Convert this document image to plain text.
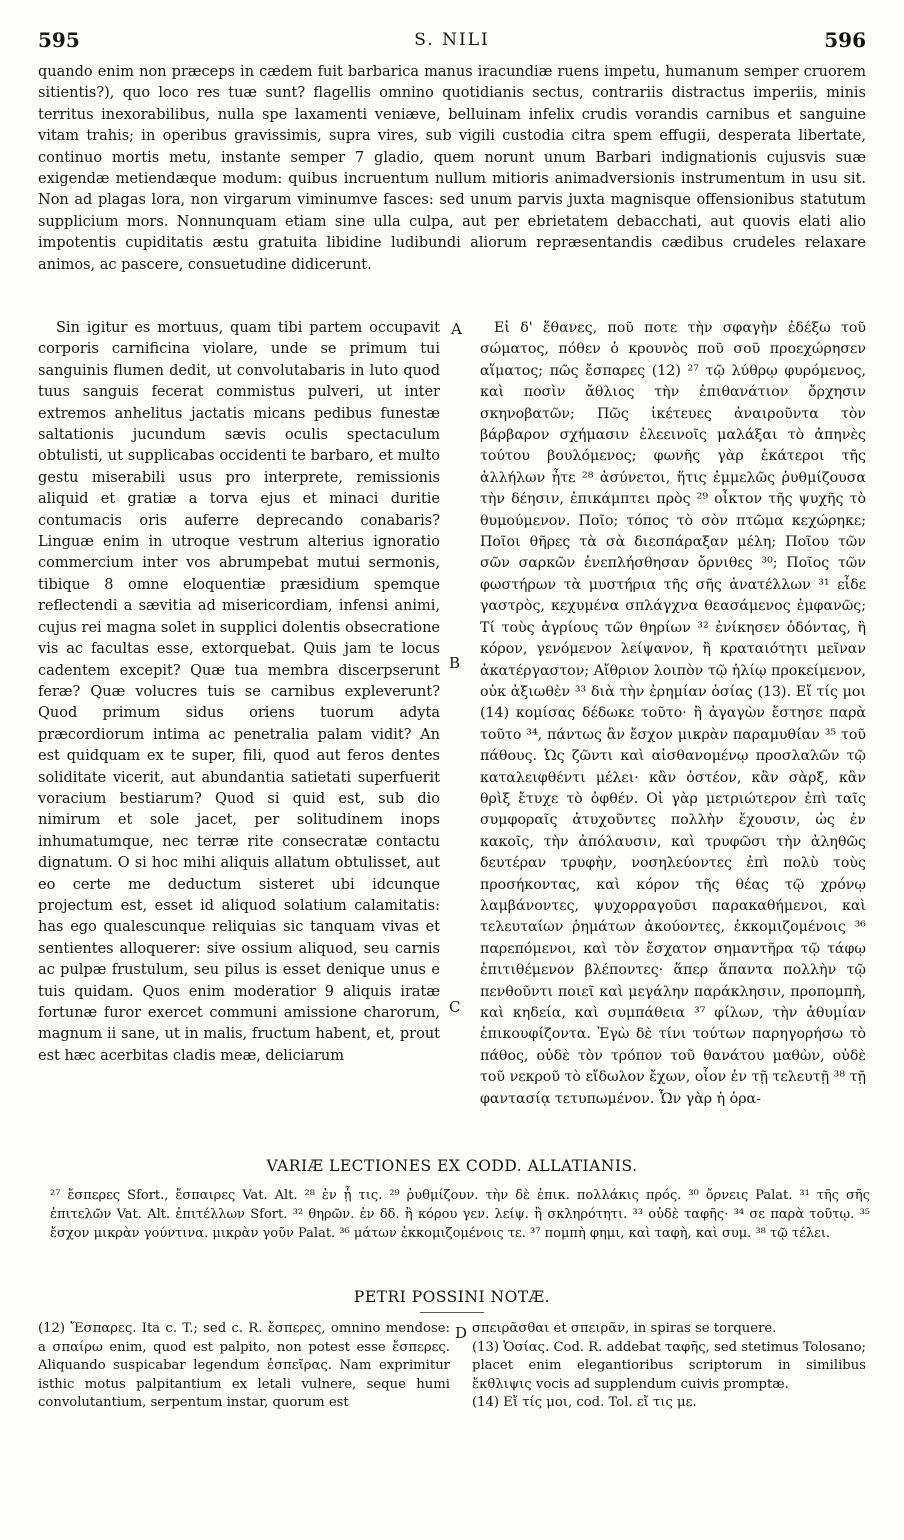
595	S. NILI	596
quando enim non præceps in cædem fuit barbarica manus iracundiæ ruens impetu, humanum semper cruorem sitientis?), quo loco res tuæ sunt? flagellis omnino quotidianis sectus, contrariis distractus imperiis, minis territus inexorabilibus, nulla spe laxamenti veniæve, belluinam infelix crudis vorandis carnibus et sanguine vitam trahis; in operibus gravissimis, supra vires, sub vigili custodia citra spem effugii, desperata libertate, continuo mortis metu, instante semper 7 gladio, quem norunt unum Barbari indignationis cujusvis suæ exigendæ metiendæque modum: quibus incruentum nullum mitioris animadversionis instrumentum in usu sit. Non ad plagas lora, non virgarum viminumve fasces: sed unum parvis juxta magnisque offensionibus statutum supplicium mors. Nonnunquam etiam sine ulla culpa, aut per ebrietatem debacchati, aut quovis elati alio impotentis cupiditatis æstu gratuita libidine ludibundi aliorum repræsentandis cædibus crudeles relaxare animos, ac pascere, consuetudine didicerunt.

Sin igitur es mortuus, quam tibi partem occupavit corporis carnificina violare, unde se primum tui sanguinis flumen dedit, ut convolutabaris in luto quod tuus sanguis fecerat commistus pulveri, ut inter extremos anhelitus jactatis micans pedibus funestæ saltationis jucundum sævis oculis spectaculum obtulisti, ut supplicabas occidenti te barbaro, et multo gestu miserabili usus pro interprete, remissionis aliquid et gratiæ a torva ejus et minaci duritie contumacis oris auferre deprecando conabaris? Linguæ enim in utroque vestrum alterius ignoratio commercium inter vos abrumpebat mutui sermonis, tibique 8 omne eloquentiæ præsidium spemque reflectendi a sævitia ad misericordiam, infensi animi, cujus rei magna solet in supplici dolentis obsecratione vis ac facultas esse, extorquebat. Quis jam te locus cadentem excepit? Quæ tua membra discerpserunt feræ? Quæ volucres tuis se carnibus expleverunt? Quod primum sidus oriens tuorum adyta præcordiorum intima ac penetralia palam vidit? An est quidquam ex te super, fili, quod aut feros dentes soliditate vicerit, aut abundantia satietati superfuerit voracium bestiarum? Quod si quid est, sub dio nimirum et sole jacet, per solitudinem inops inhumatumque, nec terræ rite consecratæ contactu dignatum. O si hoc mihi aliquis allatum obtulisset, aut eo certe me deductum sisteret ubi idcunque projectum est, esset id aliquod solatium calamitatis: has ego qualescunque reliquias sic tanquam vivas et sentientes alloquerer: sive ossium aliquod, seu carnis ac pulpæ frustulum, seu pilus is esset denique unus e tuis quidam. Quos enim moderatior 9 aliquis iratæ fortunæ furor exercet communi amissione charorum, magnum ii sane, ut in malis, fructum habent, et, prout est hæc acerbitas cladis meæ, deliciarum

Εἰ δ' ἔθανες, ποῦ ποτε τὴν σφαγὴν ἐδέξω τοῦ σώματος, πόθεν ὁ κρουνὸς ποῦ σοῦ προεχώρησεν αἵματος; πῶς ἔσπαρες (12) ²⁷ τῷ λύθρῳ φυρόμενος, καὶ ποσὶν ἄθλιος τὴν ἐπιθανάτιον ὄρχησιν σκηνοβατῶν; Πῶς ἱκέτευες ἀναιροῦντα τὸν βάρβαρον σχήμασιν ἐλεεινοῖς μαλάξαι τὸ ἀπηνὲς τούτου βουλόμενος; φωνῆς γὰρ ἑκάτεροι τῆς ἀλλήλων ἦτε ²⁸ ἀσύνετοι, ἥτις ἐμμελῶς ῥυθμίζουσα τὴν δέησιν, ἐπικάμπτει πρὸς ²⁹ οἶκτον τῆς ψυχῆς τὸ θυμούμενον. Ποῖο; τόπος τὸ σὸν πτῶμα κεχώρηκε; Ποῖοι θῆρες τὰ σὰ διεσπάραξαν μέλη; Ποῖου τῶν σῶν σαρκῶν ἐνεπλήσθησαν ὄρνιθες ³⁰; Ποῖος τῶν φωστήρων τὰ μυστήρια τῆς σῆς ἀνατέλλων ³¹ εἶδε γαστρὸς, κεχυμένα σπλάγχνα θεασάμενος ἐμφανῶς; Τί τοὺς ἀγρίους τῶν θηρίων ³² ἐνίκησεν ὀδόντας, ἢ κόρον, γενόμενον λείψανον, ἢ κραταιότητι μεῖναν ἀκατέργαστον; Αἴθριον λοιπὸν τῷ ἡλίῳ προκείμενον, οὐκ ἀξιωθὲν ³³ διὰ τὴν ἐρημίαν ὁσίας (13). Εἴ τίς μοι (14) κομίσας δέδωκε τοῦτο· ἢ ἀγαγὼν ἔστησε παρὰ τοῦτο ³⁴, πάντως ἂν ἔσχον μικρὰν παραμυθίαν ³⁵ τοῦ πάθους. Ὡς ζῶντι καὶ αἰσθανομένῳ προσλαλῶν τῷ καταλειφθέντι μέλει· κἂν ὀστέον, κἂν σὰρξ, κἂν θρὶξ ἔτυχε τὸ ὀφθέν. Οἱ γὰρ μετριώτερον ἐπὶ ταῖς συμφοραῖς ἀτυχοῦντες πολλὴν ἔχουσιν, ὡς ἐν κακοῖς, τὴν ἀπόλαυσιν, καὶ τρυφῶσι τὴν ἀληθῶς δευτέραν τρυφὴν, νοσηλεύοντες ἐπὶ πολὺ τοὺς προσήκοντας, καὶ κόρον τῆς θέας τῷ χρόνῳ λαμβάνοντες, ψυχορραγοῦσι παρακαθήμενοι, καὶ τελευταίων ῥημάτων ἀκούοντες, ἐκκομιζομένοις ³⁶ παρεπόμενοι, καὶ τὸν ἔσχατον σημαντῆρα τῷ τάφῳ ἐπιτιθέμενον βλέποντες· ἅπερ ἅπαντα πολλὴν τῷ πενθοῦντι ποιεῖ καὶ μεγάλην παράκλησιν, προπομπὴ, καὶ κηδεία, καὶ συμπάθεια ³⁷ φίλων, τὴν ἀθυμίαν ἐπικουφίζοντα. Ἐγὼ δὲ τίνι τούτων παρηγορήσω τὸ πάθος, οὐδὲ τὸν τρόπον τοῦ θανάτου μαθὼν, οὐδὲ τοῦ νεκροῦ τὸ εἴδωλον ἔχων, οἷον ἐν τῇ τελευτῇ ³⁸ τῇ φαντασίᾳ τετυπωμένον. Ὧν γὰρ ἡ ὁρα-

A
B
C
D
VARIÆ LECTIONES EX CODD. ALLATIANIS.
²⁷ ἔσπερες Sfort., ἔσπαιρες Vat. Alt. ²⁸ ἐν ᾗ τις. ²⁹ ῥυθμίζουν. τὴν δὲ ἐπικ. πολλάκις πρός. ³⁰ ὄρνεις Palat. ³¹ τῆς σῆς ἐπιτελῶν Vat. Alt. ἐπιτέλλων Sfort. ³² θηρῶν. ἐν δδ. ἢ κόρου γεν. λείψ. ἢ σκληρότητι. ³³ οὐδὲ ταφῆς· ³⁴ σε παρὰ τοῦτῳ. ³⁵ ἔσχον μικρὰν γούντινα. μικρὰν γοῦν Palat. ³⁶ μάτων ἐκκομιζομένοις τε. ³⁷ πομπὴ φημι, καὶ ταφὴ, καὶ συμ. ³⁸ τῷ τέλει.
PETRI POSSINI NOTÆ.

(12) Ἔσπαρες. Ita c. T.; sed c. R. ἔσπερες, omnino mendose: a σπαίρω enim, quod est palpito, non potest esse ἔσπερες. Aliquando suspicabar legendum ἐσπεῖρας. Nam exprimitur isthic motus palpitantium ex letali vulnere, seque humi convolutantium, serpentum instar, quorum est

σπειρᾶσθαι et σπειρᾶν, in spiras se torquere.

(13) Ὁσίας. Cod. R. addebat ταφῆς, sed stetimus Tolosano; placet enim elegantioribus scriptorum in similibus ἔκθλιψις vocis ad supplendum cuivis promptæ.

(14) Εἴ τίς μοι, cod. Tol. εἴ τις με.
